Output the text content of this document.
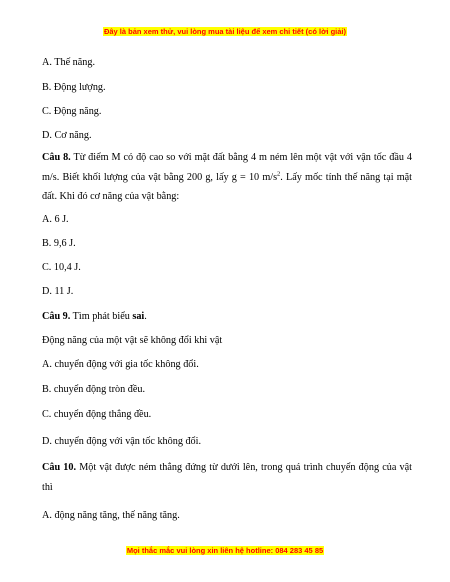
Đây là bản xem thử, vui lòng mua tài liệu để xem chi tiết (có lời giải)
A. Thế năng.
B. Động lượng.
C. Động năng.
D. Cơ năng.
Câu 8. Từ điểm M có độ cao so với mặt đất bằng 4 m ném lên một vật với vận tốc đầu 4 m/s. Biết khối lượng của vật bằng 200 g, lấy g = 10 $m/s^2$. Lấy mốc tính thế năng tại mặt đất. Khi đó cơ năng của vật bằng:
A. 6 J.
B. 9,6 J.
C. 10,4 J.
D. 11 J.
Câu 9. Tìm phát biểu sai.
Động năng của một vật sẽ không đổi khi vật
A. chuyển động với gia tốc không đổi.
B. chuyển động tròn đều.
C. chuyển động thẳng đều.
D. chuyển động với vận tốc không đổi.
Câu 10. Một vật được ném thẳng đứng từ dưới lên, trong quá trình chuyển động của vật thì
A. động năng tăng, thế năng tăng.
Mọi thắc mắc vui lòng xin liên hệ hotline: 084 283 45 85
